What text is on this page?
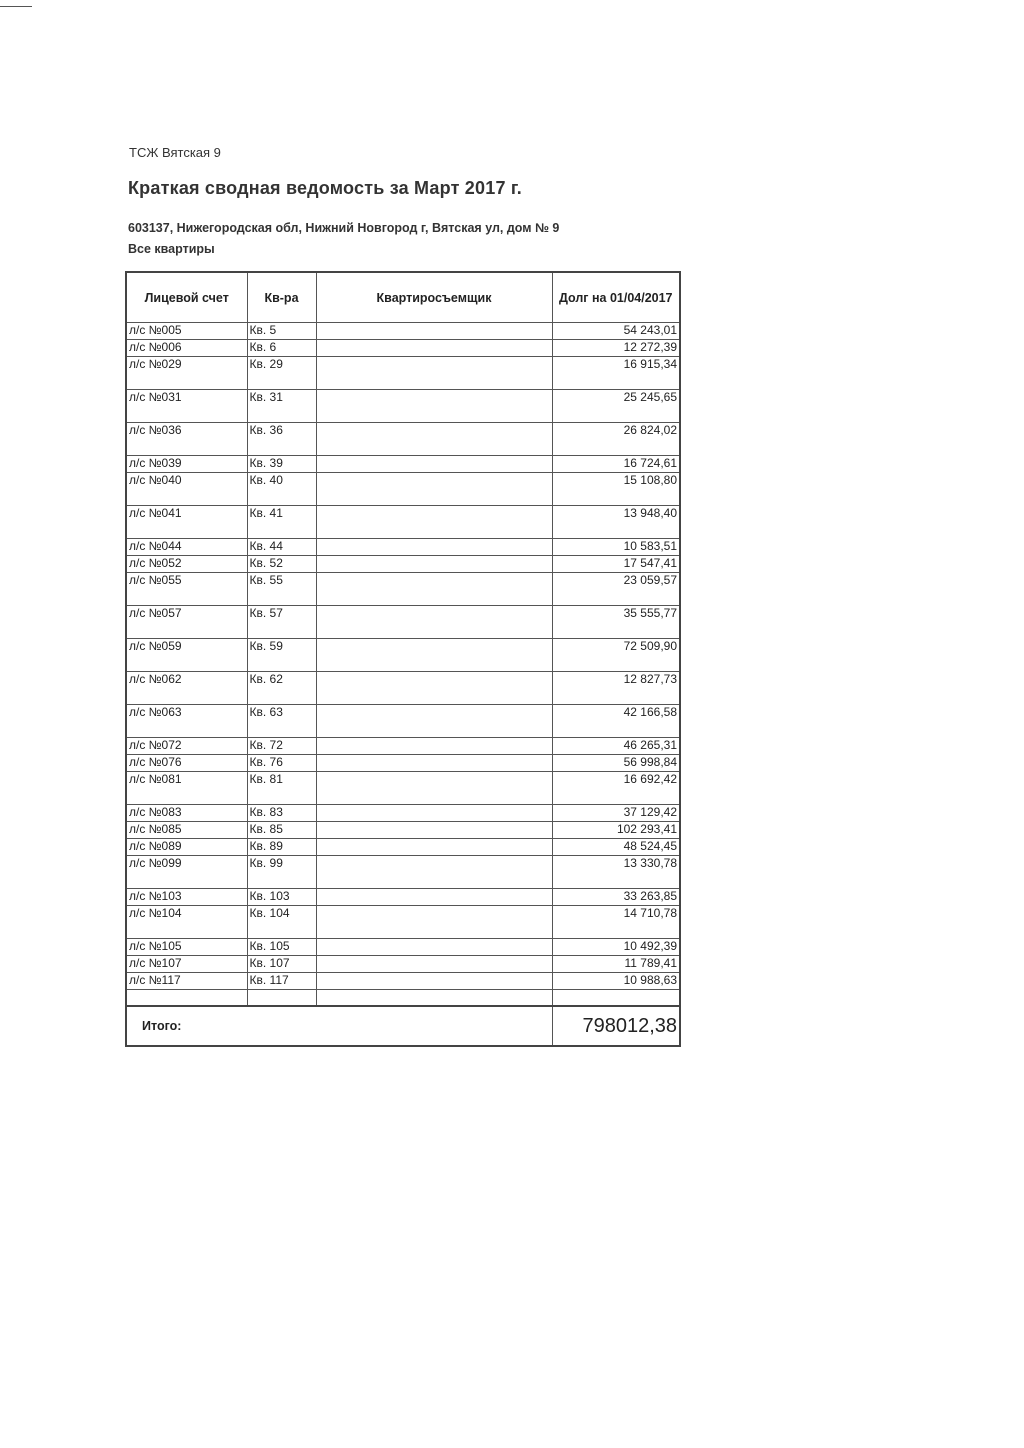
ТСЖ Вятская 9
Краткая сводная ведомость за Март 2017 г.
603137, Нижегородская обл, Нижний Новгород г, Вятская ул, дом № 9
Все квартиры
Лицевой счет	Кв-ра	Квартиросъемщик	Долг на 01/04/2017
л/с №005	Кв. 5		54 243,01
л/с №006	Кв. 6		12 272,39
л/с №029	Кв. 29		16 915,34
л/с №031	Кв. 31		25 245,65
л/с №036	Кв. 36		26 824,02
л/с №039	Кв. 39		16 724,61
л/с №040	Кв. 40		15 108,80
л/с №041	Кв. 41		13 948,40
л/с №044	Кв. 44		10 583,51
л/с №052	Кв. 52		17 547,41
л/с №055	Кв. 55		23 059,57
л/с №057	Кв. 57		35 555,77
л/с №059	Кв. 59		72 509,90
л/с №062	Кв. 62		12 827,73
л/с №063	Кв. 63		42 166,58
л/с №072	Кв. 72		46 265,31
л/с №076	Кв. 76		56 998,84
л/с №081	Кв. 81		16 692,42
л/с №083	Кв. 83		37 129,42
л/с №085	Кв. 85		102 293,41
л/с №089	Кв. 89		48 524,45
л/с №099	Кв. 99		13 330,78
л/с №103	Кв. 103		33 263,85
л/с №104	Кв. 104		14 710,78
л/с №105	Кв. 105		10 492,39
л/с №107	Кв. 107		11 789,41
л/с №117	Кв. 117		10 988,63

Итого:			798012,38
